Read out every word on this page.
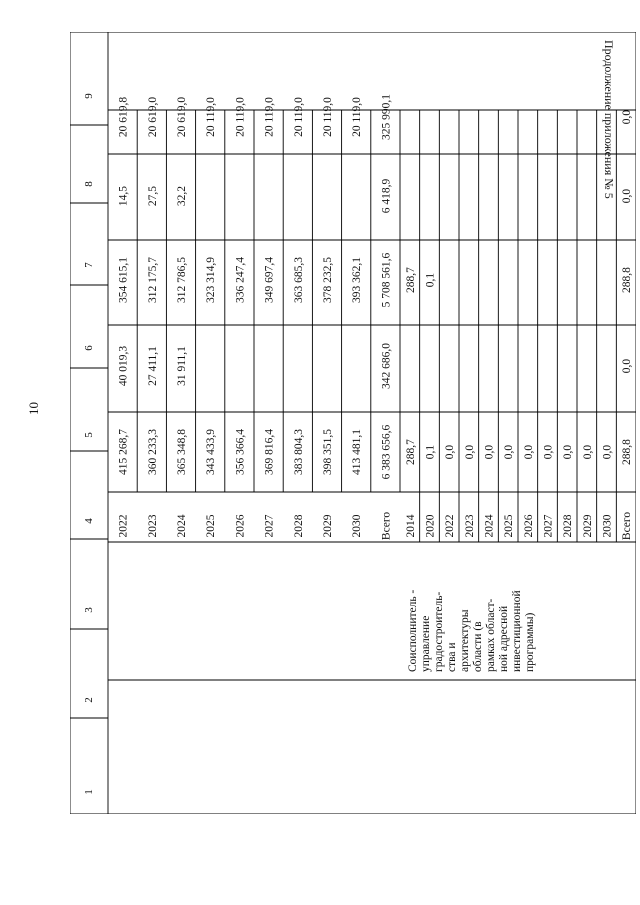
10
Продолжение приложения № 5
1
2
3
4
5
6
7
8
9
2022
415 268,7
40 019,3
354 615,1
14,5
20 619,8
2023
360 233,3
27 411,1
312 175,7
27,5
20 619,0
2024
365 348,8
31 911,1
312 786,5
32,2
20 619,0
2025
343 433,9
323 314,9
20 119,0
2026
356 366,4
336 247,4
20 119,0
2027
369 816,4
349 697,4
20 119,0
2028
383 804,3
363 685,3
20 119,0
2029
398 351,5
378 232,5
20 119,0
2030
413 481,1
393 362,1
20 119,0
Всего
6 383 656,6
342 686,0
5 708 561,6
6 418,9
325 990,1
2014
288,7
288,7
2020
0,1
0,1
2022
0,0
2023
0,0
2024
0,0
2025
0,0
2026
0,0
2027
0,0
2028
0,0
2029
0,0
2030
0,0
Всего
288,8
0,0
288,8
0,0
0,0
Соисполнитель - управление градостроитель- ства и архитектуры области (в рамках област- ной адресной инвестиционной программы)
